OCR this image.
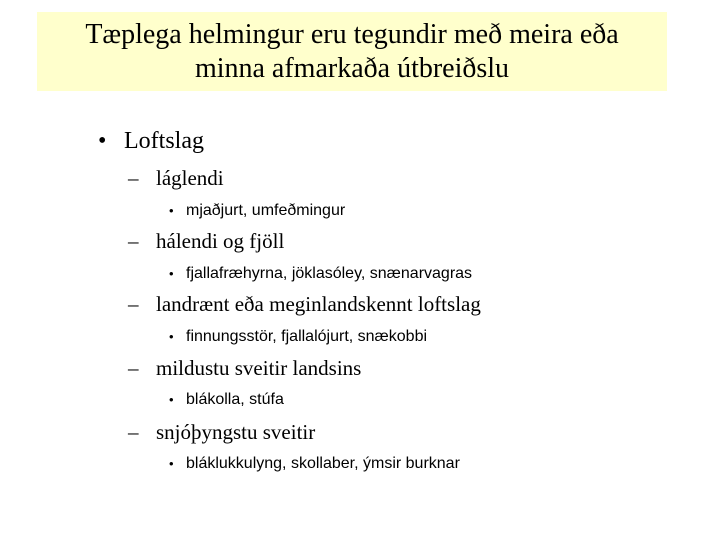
Tæplega helmingur eru tegundir með meira eða
minna afmarkaða útbreiðslu
• Loftslag
– láglendi
• mjaðjurt, umfeðmingur
– hálendi og fjöll
• fjallafræhyrna, jöklasóley, snænarvagras
– landrænt eða meginlandskennt loftslag
• finnungsstör, fjallalójurt, snækobbi
– mildustu sveitir landsins
• blákolla, stúfa
– snjóþyngstu sveitir
• bláklukkulyng, skollaber, ýmsir burknar
